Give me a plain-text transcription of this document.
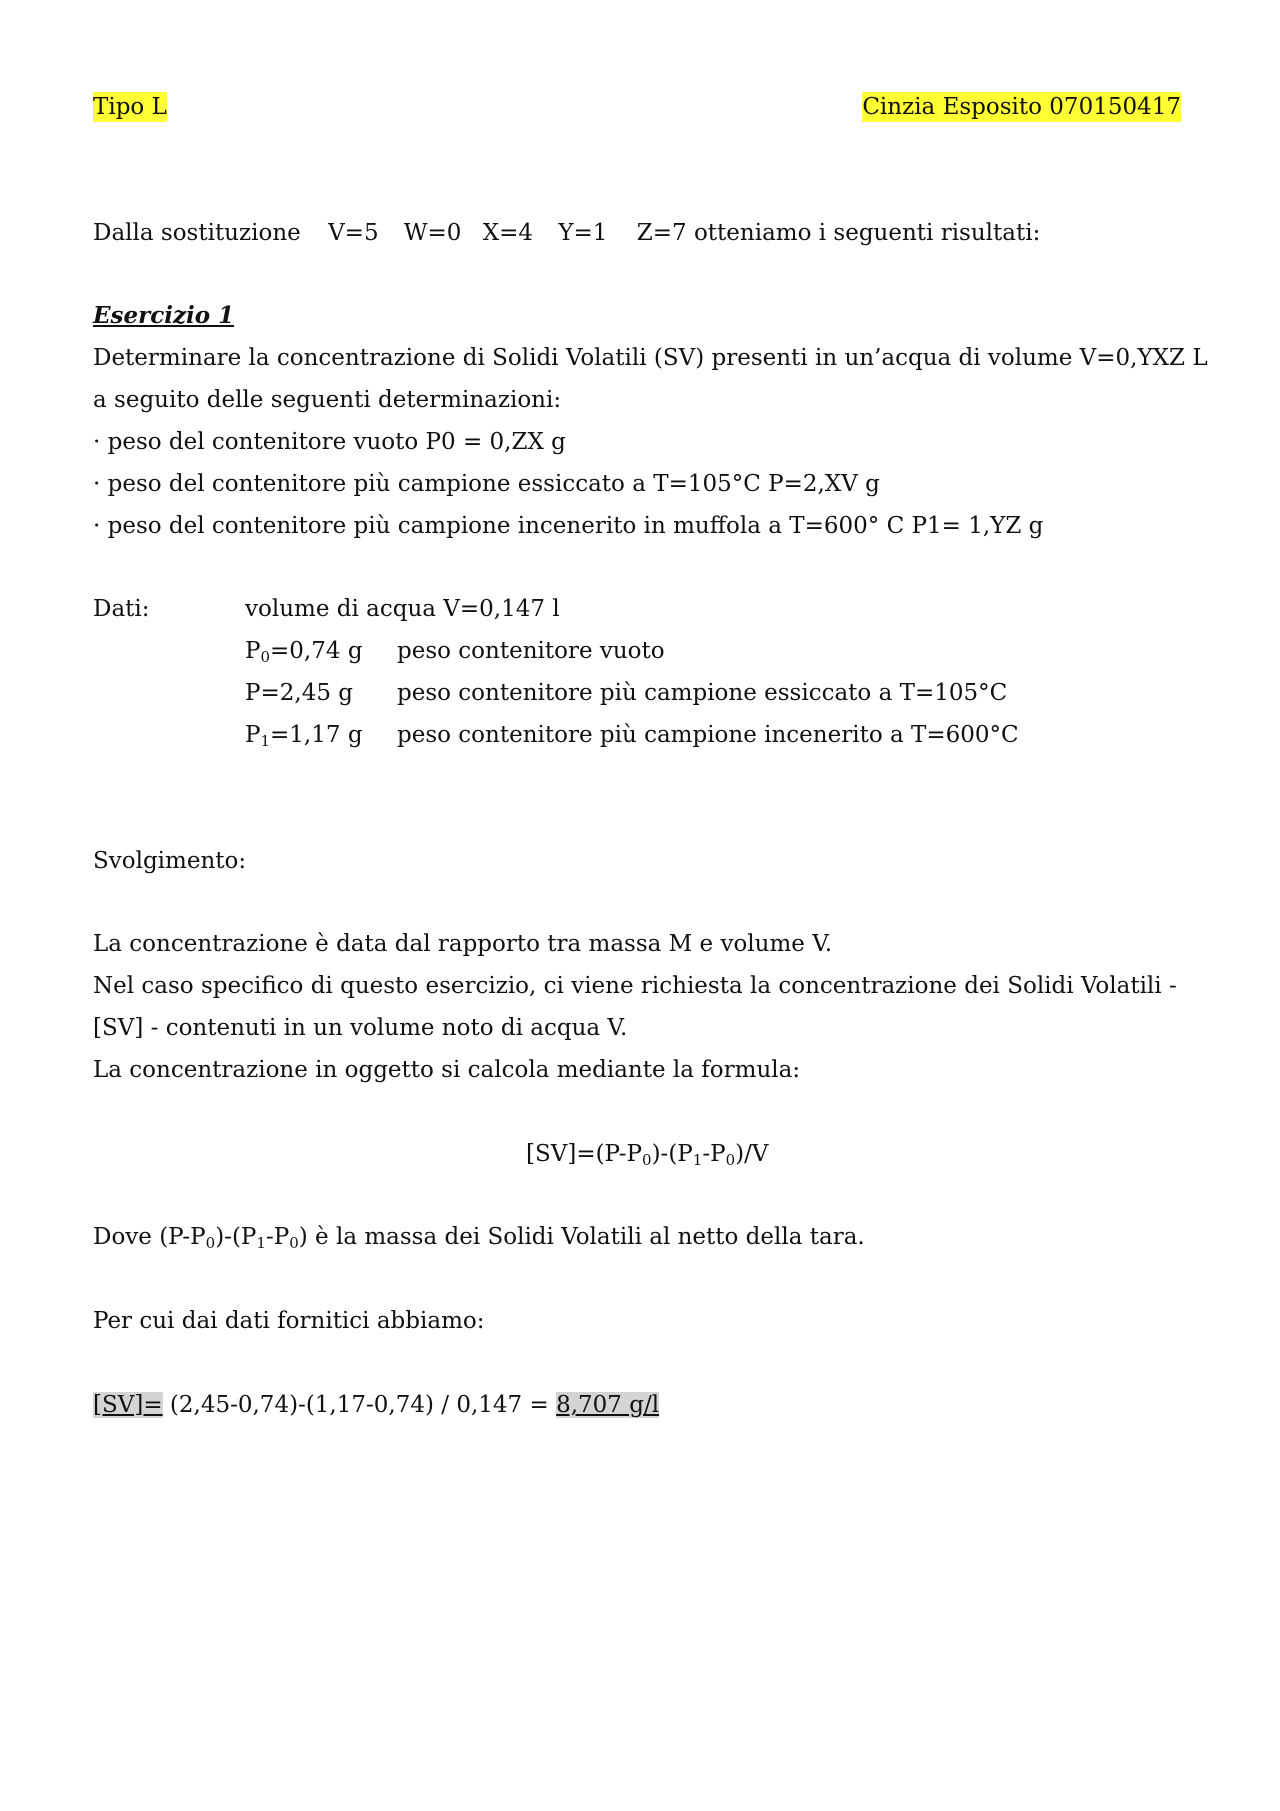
Tipo L	Cinzia Esposito 070150417
Dalla sostituzione V=5 W=0 X=4 Y=1 Z=7 otteniamo i seguenti risultati:
Esercizio 1
Determinare la concentrazione di Solidi Volatili (SV) presenti in un’acqua di volume V=0,YXZ L
a seguito delle seguenti determinazioni:
· peso del contenitore vuoto P0 = 0,ZX g
· peso del contenitore più campione essiccato a T=105°C P=2,XV g
· peso del contenitore più campione incenerito in muffola a T=600° C P1= 1,YZ g
Dati:	volume di acqua V=0,147 l
$P_0=0,74$ g peso contenitore vuoto
P=2,45 g peso contenitore più campione essiccato a T=105°C
$P_1=1,17$ g peso contenitore più campione incenerito a T=600°C
Svolgimento:
La concentrazione è data dal rapporto tra massa M e volume V.
Nel caso specifico di questo esercizio, ci viene richiesta la concentrazione dei Solidi Volatili -
[SV] - contenuti in un volume noto di acqua V.
La concentrazione in oggetto si calcola mediante la formula:
$[SV]=(P-P_0)-(P_1-P_0)/V$
Dove $(P-P_0)-(P_1-P_0)$ è la massa dei Solidi Volatili al netto della tara.
Per cui dai dati fornitici abbiamo:
[SV]= (2,45-0,74)-(1,17-0,74) / 0,147 = 8,707 g/l
